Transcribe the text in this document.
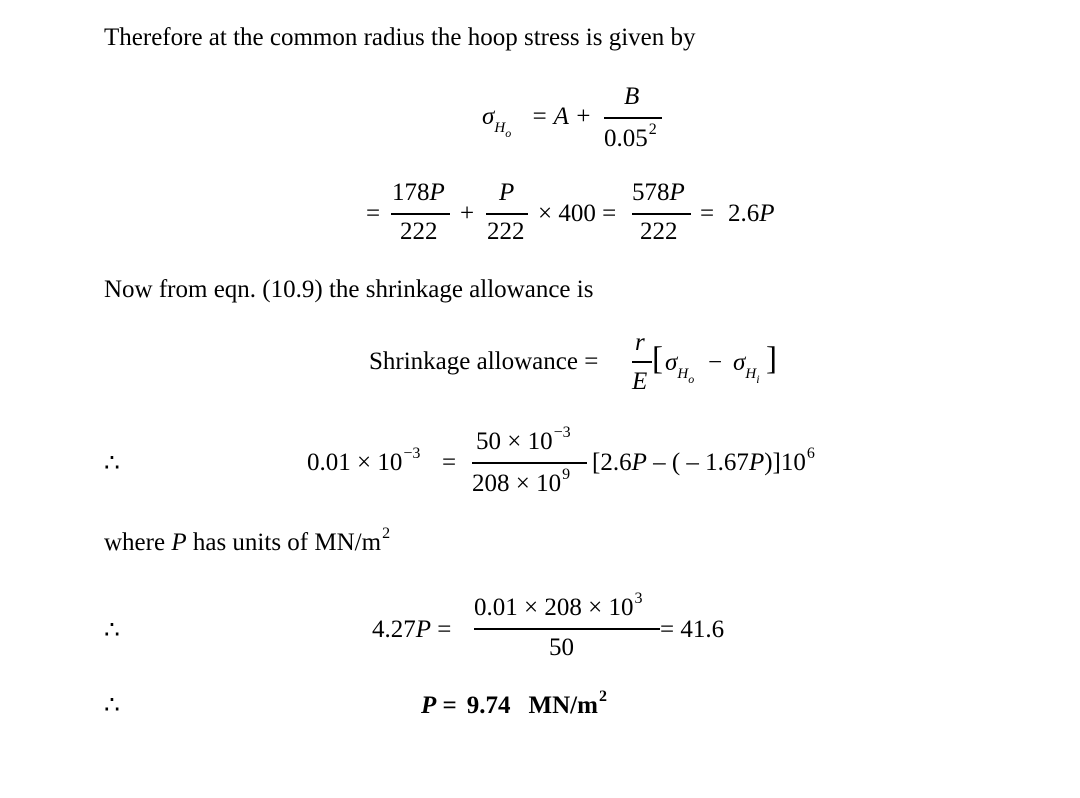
Therefore at the common radius the hoop stress is given by
$\sigma_{H_o}$
= A +
B
$0.05^2$
=
178P
222
+
P
222
× 400 =
578P
222
= 2.6P
Now from eqn. (10.9) the shrinkage allowance is
Shrinkage allowance =
r
E
[ $\sigma_{H_o}$
− $\sigma_{H_i}$
]
∴	$0.01 \times 10^{-3}$ =
$50 \times 10^{-3}$
$208 \times 10^9$ [2.6P – ( – $1.67P)]10^6$
where P has units of $MN/m^2$
∴	4.27P =
$0.01 \times 208 \times 10^3$
50
= 41.6
∴	P = 9.74 $MN/m^2$
